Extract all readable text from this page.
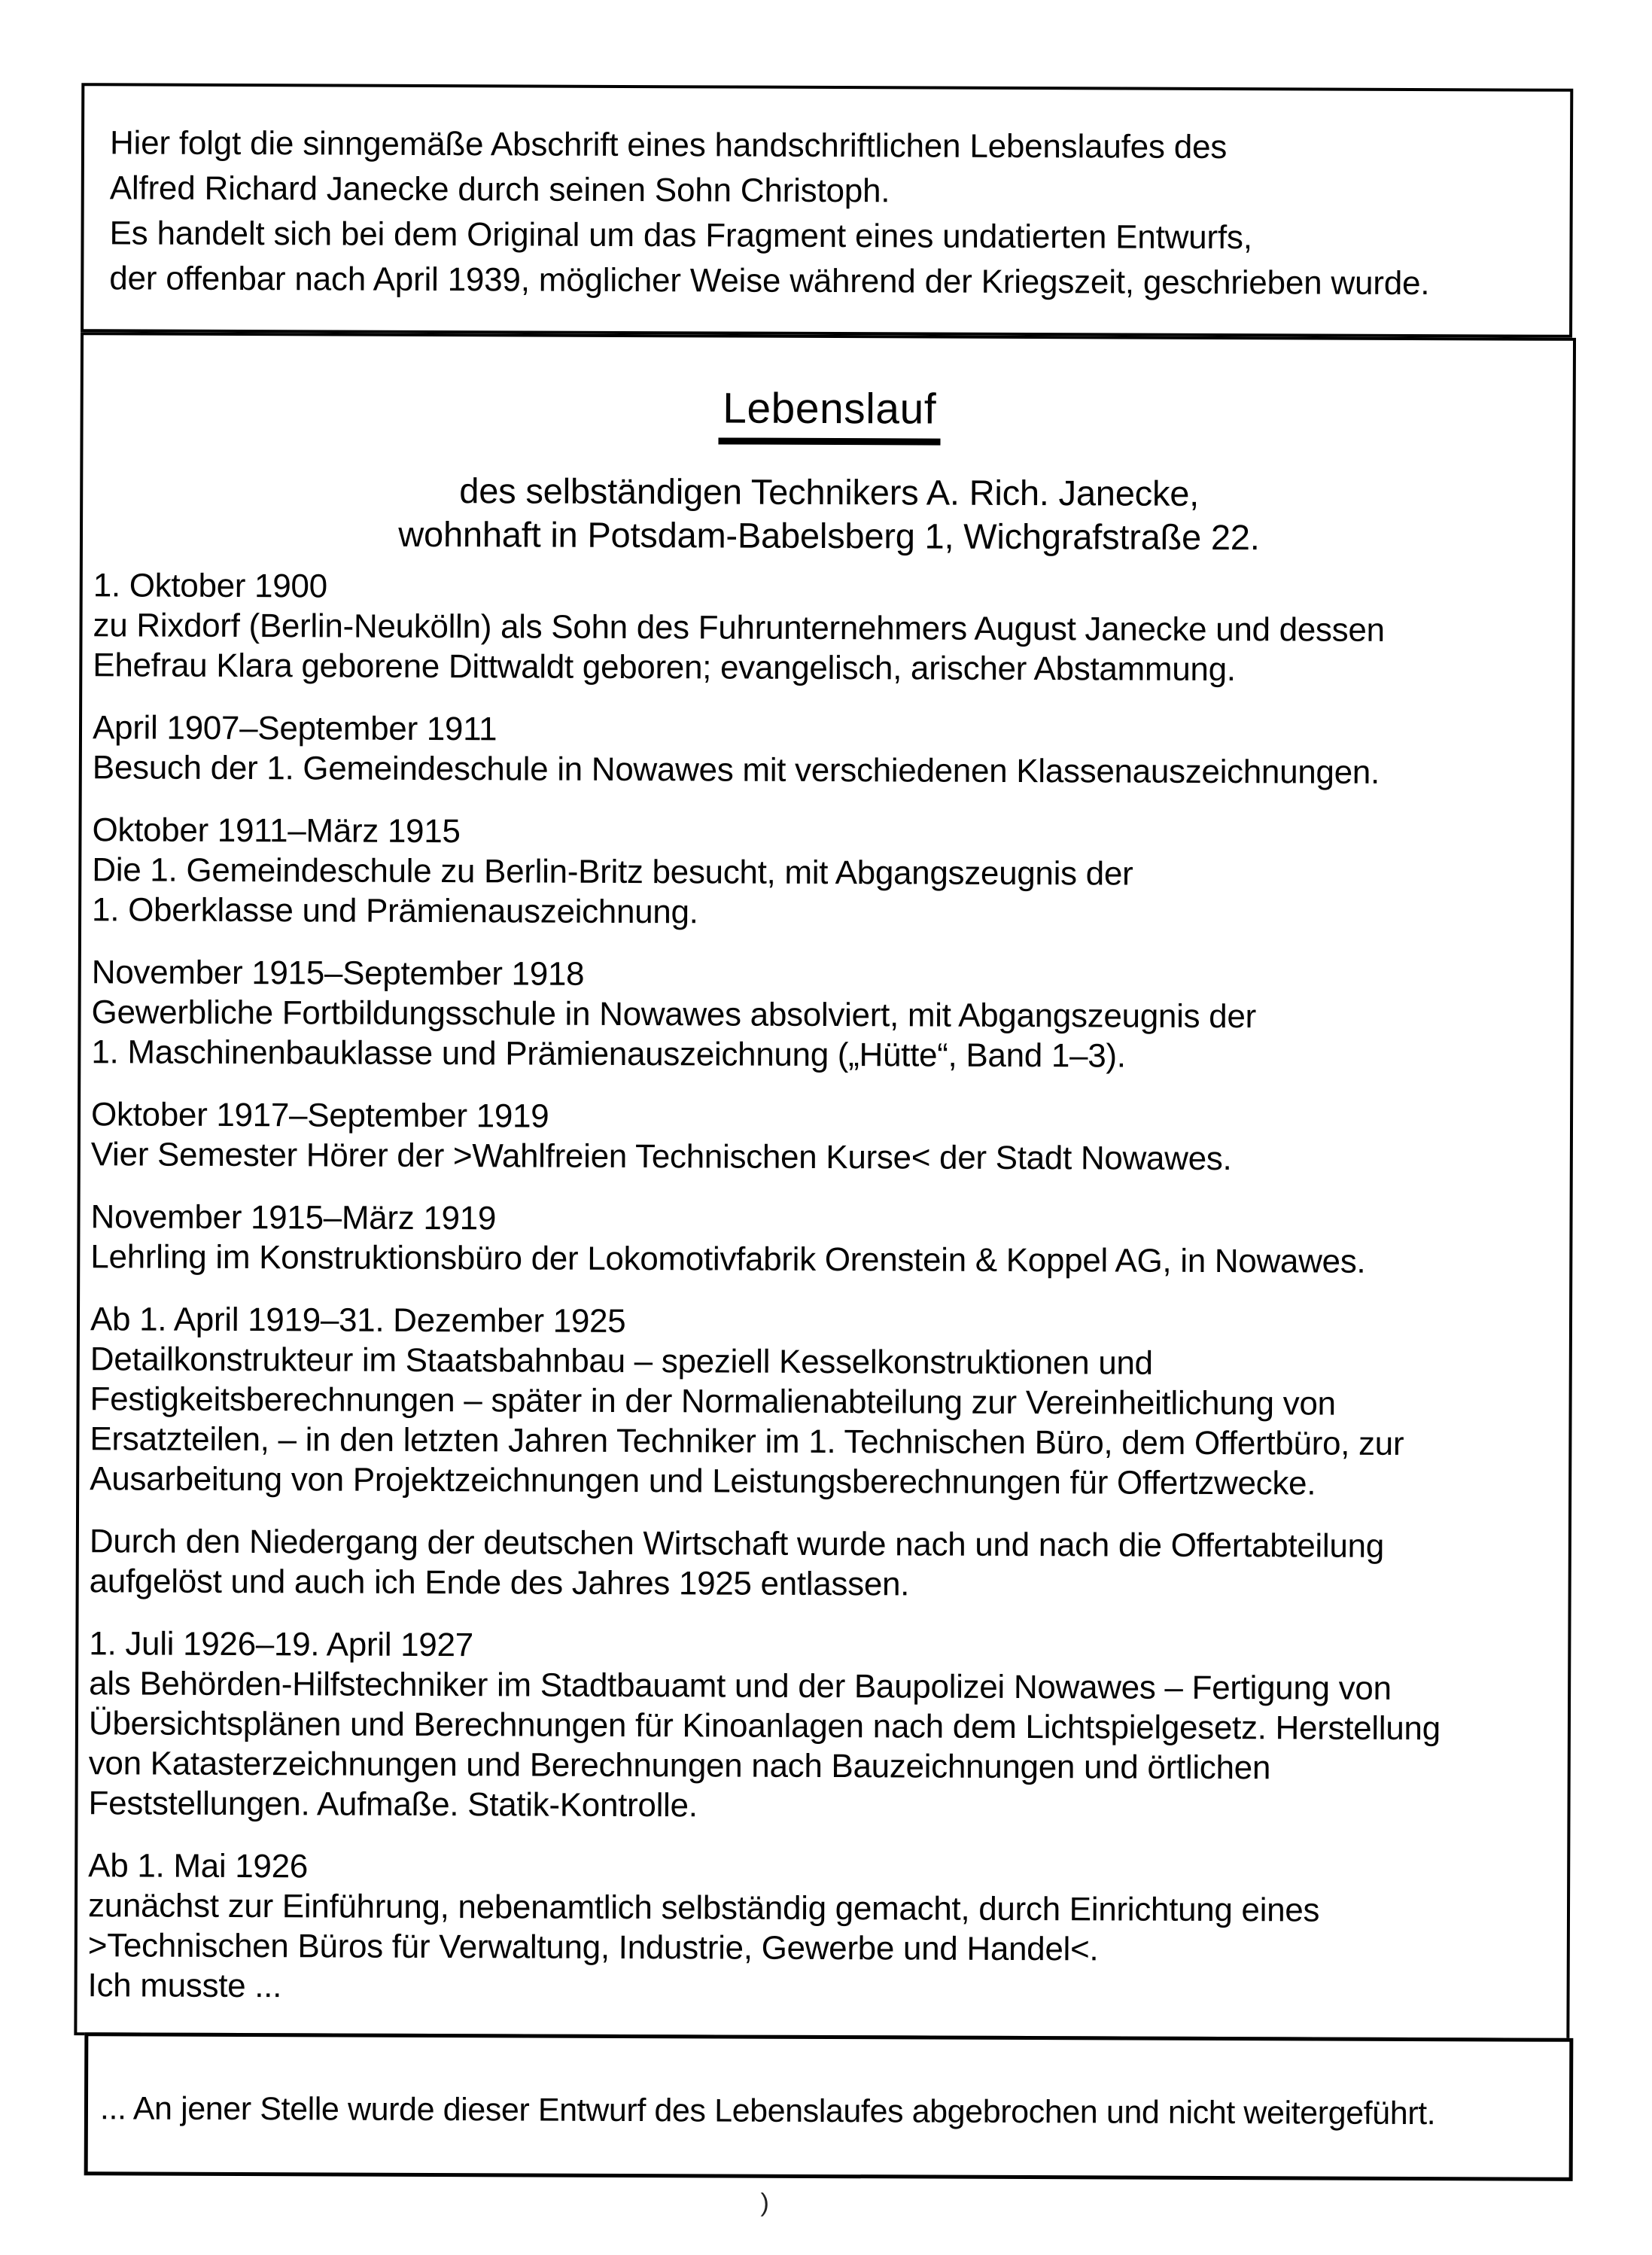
Hier folgt die sinngemäße Abschrift eines handschriftlichen Lebenslaufes des
Alfred Richard Janecke durch seinen Sohn Christoph.
Es handelt sich bei dem Original um das Fragment eines undatierten Entwurfs,
der offenbar nach April 1939, möglicher Weise während der Kriegszeit, geschrieben wurde.
Lebenslauf
des selbständigen Technikers A. Rich. Janecke,
wohnhaft in Potsdam-Babelsberg 1, Wichgrafstraße 22.
1. Oktober 1900
zu Rixdorf (Berlin-Neukölln) als Sohn des Fuhrunternehmers August Janecke und dessen
Ehefrau Klara geborene Dittwaldt geboren; evangelisch, arischer Abstammung.
April 1907–September 1911
Besuch der 1. Gemeindeschule in Nowawes mit verschiedenen Klassenauszeichnungen.
Oktober 1911–März 1915
Die 1. Gemeindeschule zu Berlin-Britz besucht, mit Abgangszeugnis der
1. Oberklasse und Prämienauszeichnung.
November 1915–September 1918
Gewerbliche Fortbildungsschule in Nowawes absolviert, mit Abgangszeugnis der
1. Maschinenbauklasse und Prämienauszeichnung („Hütte“, Band 1–3).
Oktober 1917–September 1919
Vier Semester Hörer der >Wahlfreien Technischen Kurse< der Stadt Nowawes.
November 1915–März 1919
Lehrling im Konstruktionsbüro der Lokomotivfabrik Orenstein & Koppel AG, in Nowawes.
Ab 1. April 1919–31. Dezember 1925
Detailkonstrukteur im Staatsbahnbau – speziell Kesselkonstruktionen und
Festigkeitsberechnungen – später in der Normalienabteilung zur Vereinheitlichung von
Ersatzteilen, – in den letzten Jahren Techniker im 1. Technischen Büro, dem Offertbüro, zur
Ausarbeitung von Projektzeichnungen und Leistungsberechnungen für Offertzwecke.
Durch den Niedergang der deutschen Wirtschaft wurde nach und nach die Offertabteilung
aufgelöst und auch ich Ende des Jahres 1925 entlassen.
1. Juli 1926–19. April 1927
als Behörden-Hilfstechniker im Stadtbauamt und der Baupolizei Nowawes – Fertigung von
Übersichtsplänen und Berechnungen für Kinoanlagen nach dem Lichtspielgesetz. Herstellung
von Katasterzeichnungen und Berechnungen nach Bauzeichnungen und örtlichen
Feststellungen. Aufmaße. Statik-Kontrolle.
Ab 1. Mai 1926
zunächst zur Einführung, nebenamtlich selbständig gemacht, durch Einrichtung eines
>Technischen Büros für Verwaltung, Industrie, Gewerbe und Handel<.
Ich musste ...
... An jener Stelle wurde dieser Entwurf des Lebenslaufes abgebrochen und nicht weitergeführt.
)
